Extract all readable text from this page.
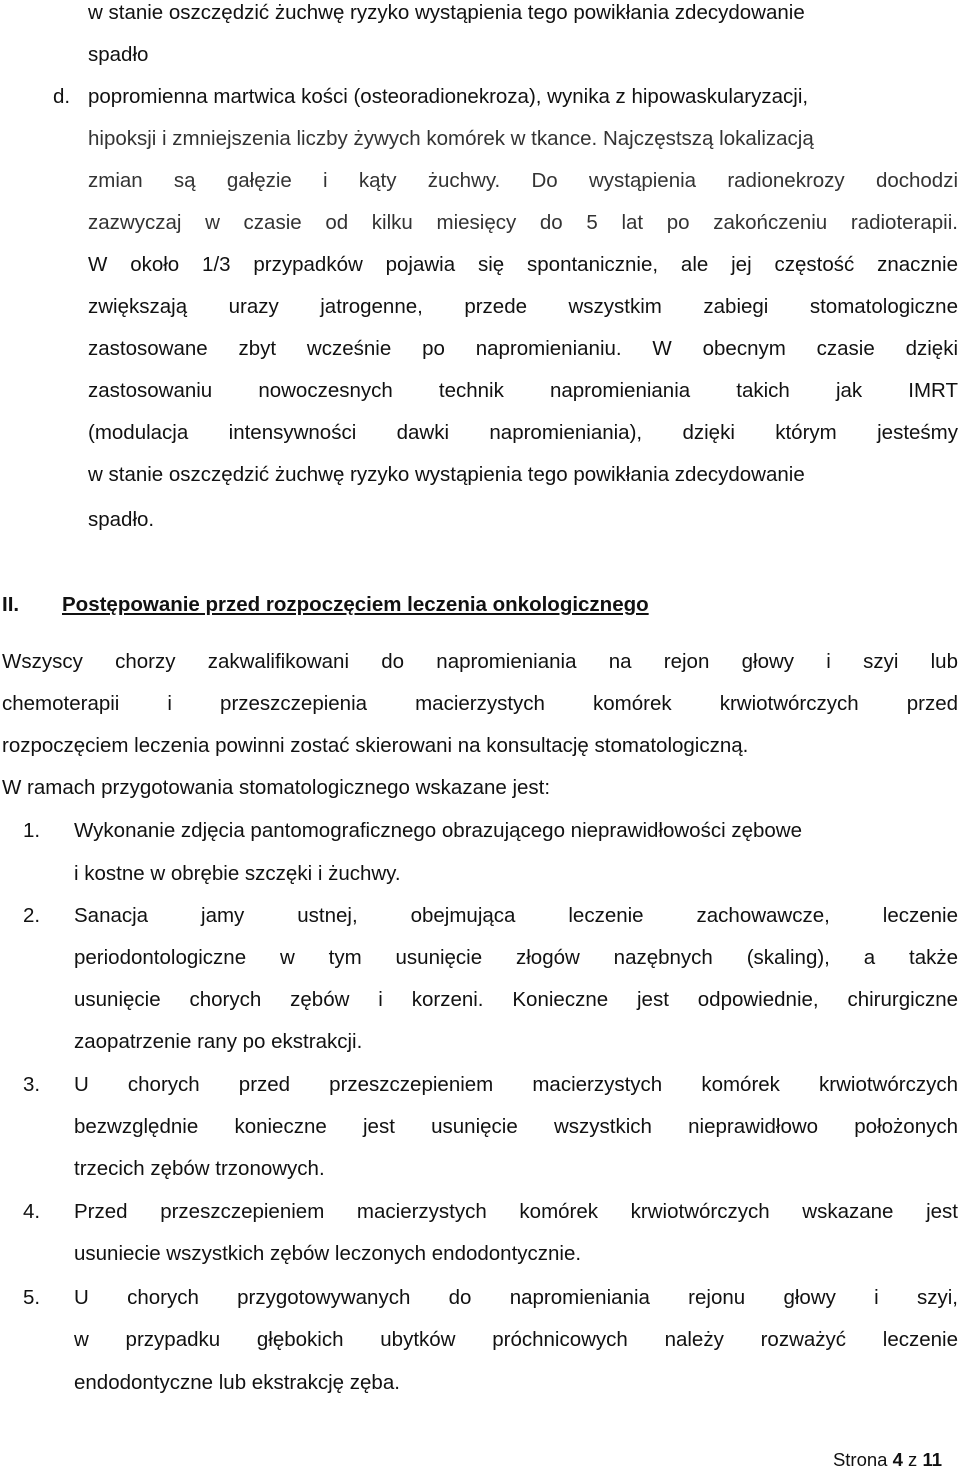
w stanie oszczędzić żuchwę ryzyko wystąpienia tego powikłania zdecydowanie
spadło
d. popromienna martwica kości (osteoradionekroza), wynika z hipowaskularyzacji,
hipoksji i zmniejszenia liczby żywych komórek w tkance. Najczęstszą lokalizacją
zmian są gałęzie i kąty żuchwy. Do wystąpienia radionekrozy dochodzi
zazwyczaj w czasie od kilku miesięcy do 5 lat po zakończeniu radioterapii.
W około 1/3 przypadków pojawia się spontanicznie, ale jej częstość znacznie
zwiększają urazy jatrogenne, przede wszystkim zabiegi stomatologiczne
zastosowane zbyt wcześnie po napromienianiu. W obecnym czasie dzięki
zastosowaniu nowoczesnych technik napromieniania takich jak IMRT
(modulacja intensywności dawki napromieniania), dzięki którym jesteśmy
w stanie oszczędzić żuchwę ryzyko wystąpienia tego powikłania zdecydowanie
spadło.
II. Postępowanie przed rozpoczęciem leczenia onkologicznego
Wszyscy chorzy zakwalifikowani do napromieniania na rejon głowy i szyi lub
chemoterapii i przeszczepienia macierzystych komórek krwiotwórczych przed
rozpoczęciem leczenia powinni zostać skierowani na konsultację stomatologiczną.
W ramach przygotowania stomatologicznego wskazane jest:
1. Wykonanie zdjęcia pantomograficznego obrazującego nieprawidłowości zębowe
i kostne w obrębie szczęki i żuchwy.
2. Sanacja jamy ustnej, obejmująca leczenie zachowawcze, leczenie
periodontologiczne w tym usunięcie złogów nazębnych (skaling), a także
usunięcie chorych zębów i korzeni. Konieczne jest odpowiednie, chirurgiczne
zaopatrzenie rany po ekstrakcji.
3. U chorych przed przeszczepieniem macierzystych komórek krwiotwórczych
bezwzględnie konieczne jest usunięcie wszystkich nieprawidłowo położonych
trzecich zębów trzonowych.
4. Przed przeszczepieniem macierzystych komórek krwiotwórczych wskazane jest
usuniecie wszystkich zębów leczonych endodontycznie.
5. U chorych przygotowywanych do napromieniania rejonu głowy i szyi,
w przypadku głębokich ubytków próchnicowych należy rozważyć leczenie
endodontyczne lub ekstrakcję zęba.
Strona 4 z 11
